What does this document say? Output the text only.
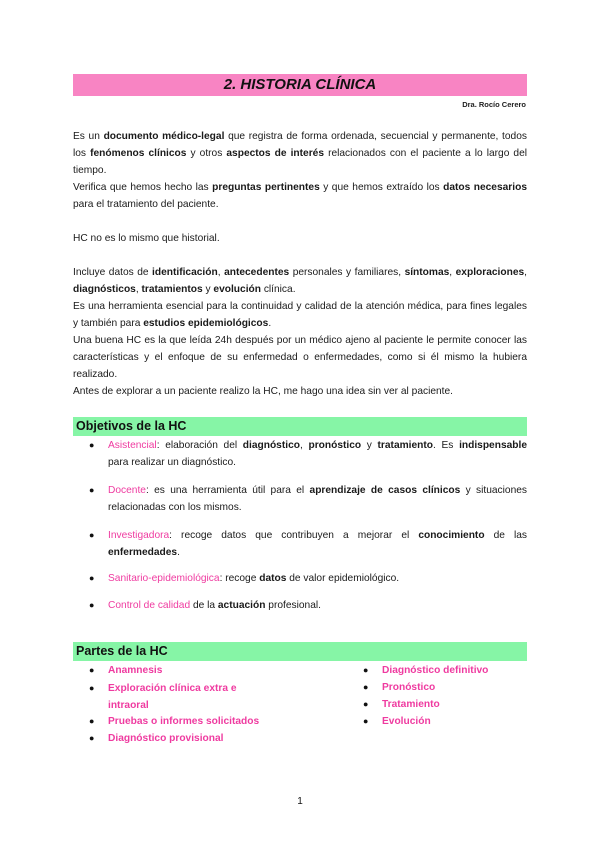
2. HISTORIA CLÍNICA
Dra. Rocío Cerero

Es un documento médico-legal que registra de forma ordenada, secuencial y permanente, todos los fenómenos clínicos y otros aspectos de interés relacionados con el paciente a lo largo del tiempo.

Verifica que hemos hecho las preguntas pertinentes y que hemos extraído los datos necesarios para el tratamiento del paciente.

HC no es lo mismo que historial.

Incluye datos de identificación, antecedentes personales y familiares, síntomas, exploraciones, diagnósticos, tratamientos y evolución clínica.

Es una herramienta esencial para la continuidad y calidad de la atención médica, para fines legales y también para estudios epidemiológicos.

Una buena HC es la que leída 24h después por un médico ajeno al paciente le permite conocer las características y el enfoque de su enfermedad o enfermedades, como si él mismo la hubiera realizado.

Antes de explorar a un paciente realizo la HC, me hago una idea sin ver al paciente.

Objetivos de la HC
● Asistencial: elaboración del diagnóstico, pronóstico y tratamiento. Es indispensable para realizar un diagnóstico.
● Docente: es una herramienta útil para el aprendizaje de casos clínicos y situaciones relacionadas con los mismos.
● Investigadora: recoge datos que contribuyen a mejorar el conocimiento de las enfermedades.
● Sanitario-epidemiológica: recoge datos de valor epidemiológico.
● Control de calidad de la actuación profesional.
Partes de la HC
● Anamnesis
● Exploración clínica extra e intraoral
● Pruebas o informes solicitados
● Diagnóstico provisional
● Diagnóstico definitivo
● Pronóstico
● Tratamiento
● Evolución
1
